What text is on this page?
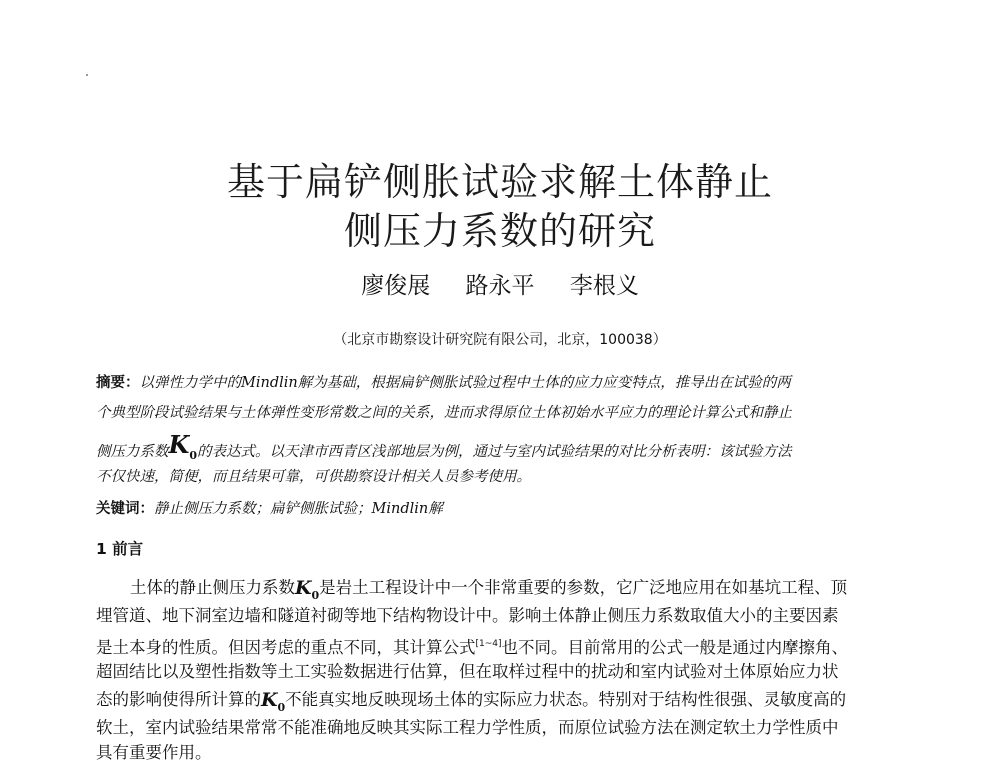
基于扁铲侧胀试验求解土体静止
侧压力系数的研究
廖俊展 路永平 李根义
（北京市勘察设计研究院有限公司，北京，100038）
摘要：以弹性力学中的Mindlin解为基础，根据扁铲侧胀试验过程中土体的应力应变特点，推导出在试验的两
个典型阶段试验结果与土体弹性变形常数之间的关系，进而求得原位土体初始水平应力的理论计算公式和静止
侧压力系数$K_0$的表达式。以天津市西青区浅部地层为例，通过与室内试验结果的对比分析表明：该试验方法
不仅快速，简便，而且结果可靠，可供勘察设计相关人员参考使用。
关键词：静止侧压力系数；扁铲侧胀试验；Mindlin解
1 前言
土体的静止侧压力系数$K_0$是岩土工程设计中一个非常重要的参数，它广泛地应用在如基坑工程、顶
埋管道、地下洞室边墙和隧道衬砌等地下结构物设计中。影响土体静止侧压力系数取值大小的主要因素
是土本身的性质。但因考虑的重点不同，其计算公式[1~4]也不同。目前常用的公式一般是通过内摩擦角、
超固结比以及塑性指数等土工实验数据进行估算，但在取样过程中的扰动和室内试验对土体原始应力状
态的影响使得所计算的$K_0$不能真实地反映现场土体的实际应力状态。特别对于结构性很强、灵敏度高的
软土，室内试验结果常常不能准确地反映其实际工程力学性质，而原位试验方法在测定软土力学性质中
具有重要作用。
